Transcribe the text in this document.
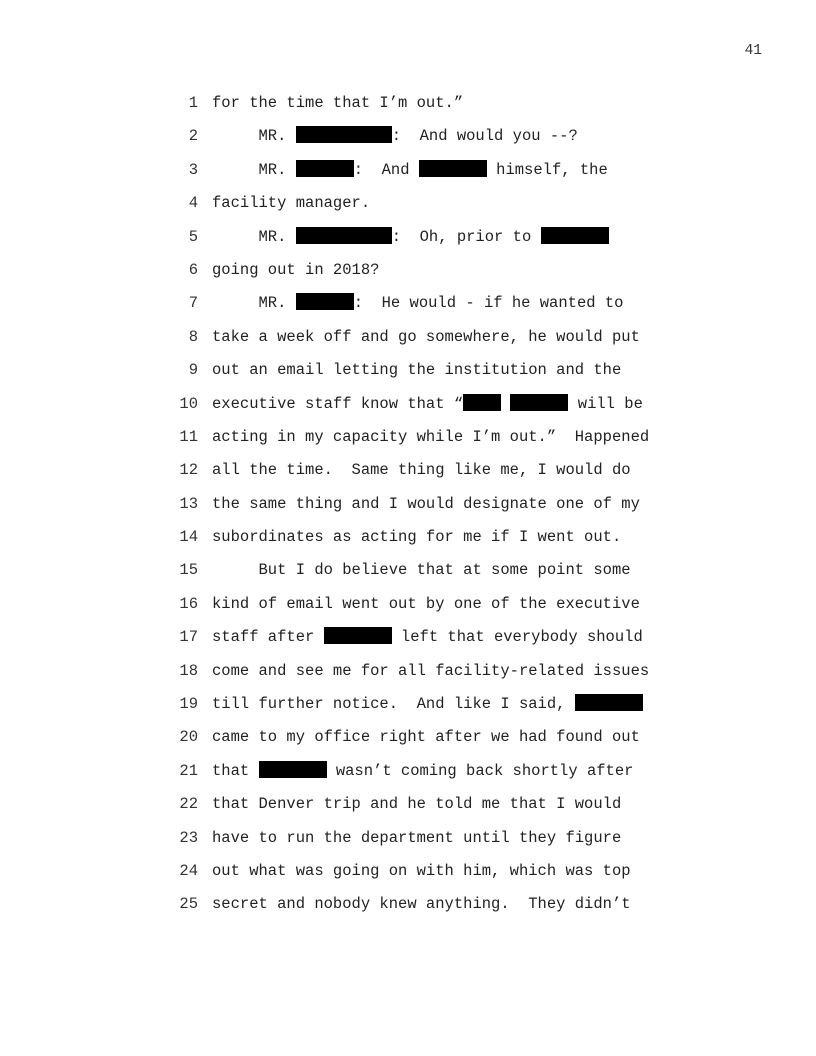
41
1 for the time that I’m out.”
2 MR.	:  And would you --?
3 MR.	:  And	himself, the
4 facility manager.
5 MR.	:  Oh, prior to
6 going out in 2018?
7 MR.	:  He would - if he wanted to
8 take a week off and go somewhere, he would put
9 out an email letting the institution and the
10 executive staff know that “	will be
11 acting in my capacity while I’m out.”  Happened
12 all the time.  Same thing like me, I would do
13 the same thing and I would designate one of my
14 subordinates as acting for me if I went out.
15 But I do believe that at some point some
16 kind of email went out by one of the executive
17 staff after	left that everybody should
18 come and see me for all facility-related issues
19 till further notice.  And like I said,
20 came to my office right after we had found out
21 that	wasn’t coming back shortly after
22 that Denver trip and he told me that I would
23 have to run the department until they figure
24 out what was going on with him, which was top
25 secret and nobody knew anything.  They didn’t
